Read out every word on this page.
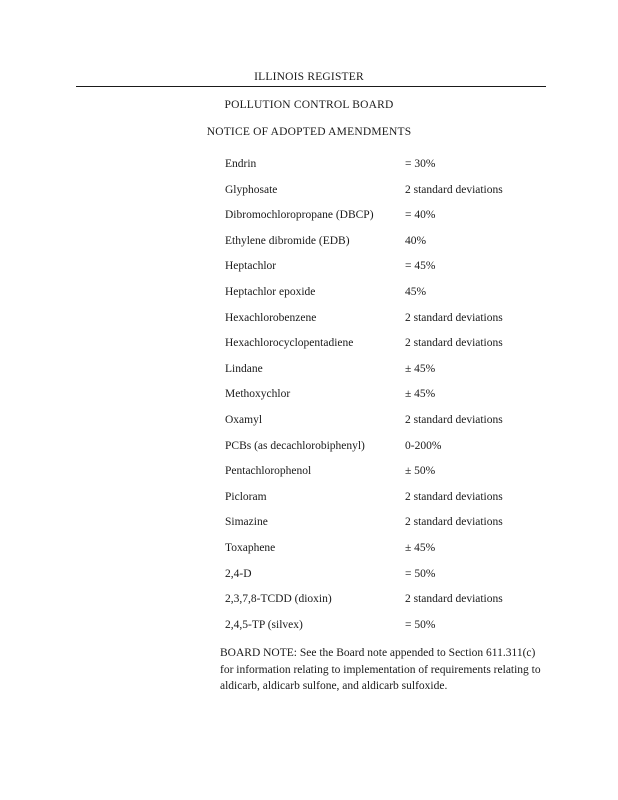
ILLINOIS REGISTER
POLLUTION CONTROL BOARD
NOTICE OF ADOPTED AMENDMENTS
Endrin	= 30%
Glyphosate	2 standard deviations
Dibromochloropropane (DBCP)	= 40%
Ethylene dibromide (EDB)	40%
Heptachlor	= 45%
Heptachlor epoxide	45%
Hexachlorobenzene	2 standard deviations
Hexachlorocyclopentadiene	2 standard deviations
Lindane	± 45%
Methoxychlor	± 45%
Oxamyl	2 standard deviations
PCBs (as decachlorobiphenyl)	0-200%
Pentachlorophenol	± 50%
Picloram	2 standard deviations
Simazine	2 standard deviations
Toxaphene	± 45%
2,4-D	= 50%
2,3,7,8-TCDD (dioxin)	2 standard deviations
2,4,5-TP (silvex)	= 50%
BOARD NOTE: See the Board note appended to Section 611.311(c) for information relating to implementation of requirements relating to aldicarb, aldicarb sulfone, and aldicarb sulfoxide.
